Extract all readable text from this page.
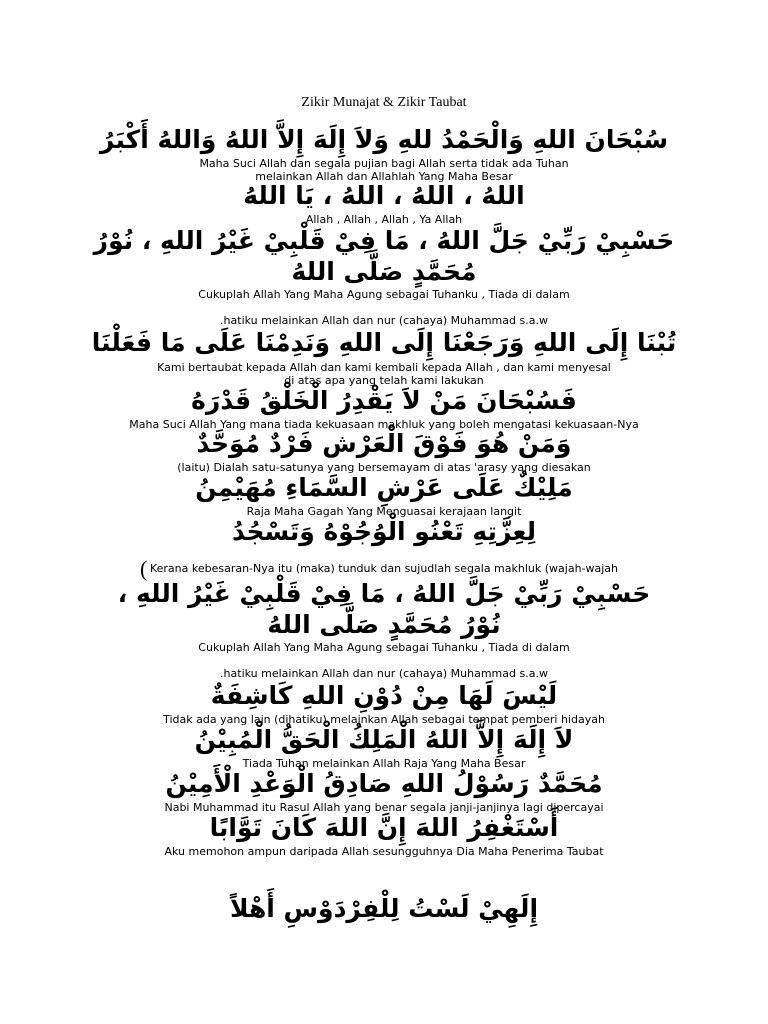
Zikir Munajat & Zikir Taubat
سُبْحَانَ اللهِ وَالْحَمْدُ للهِ وَلاَ إِلَهَ إِلاَّ اللهُ وَاللهُ أَكْبَرُ
Maha Suci Allah dan segala pujian bagi Allah serta tidak ada Tuhan
melainkan Allah dan Allahlah Yang Maha Besar
اللهُ ، اللهُ ، اللهُ ، يَا اللهُ
Allah , Allah , Allah , Ya Allah
حَسْبِيْ رَبِّيْ جَلَّ اللهُ ، مَا فِيْ قَلْبِيْ غَيْرُ اللهِ ، نُوْرُ
مُحَمَّدٍ صَلَّى اللهُ
Cukuplah Allah Yang Maha Agung sebagai Tuhanku , Tiada di dalam
.hatiku melainkan Allah dan nur (cahaya) Muhammad s.a.w
تُبْنَا إِلَى اللهِ وَرَجَعْنَا إِلَى اللهِ وَنَدِمْنَا عَلَى مَا فَعَلْنَا
Kami bertaubat kepada Allah dan kami kembali kepada Allah , dan kami menyesal
di atas apa yang telah kami lakukan
فَسُبْحَانَ مَنْ لاَ يَقْدِرُ الْخَلْقُ قَدْرَهُ
Maha Suci Allah Yang mana tiada kekuasaan makhluk yang boleh mengatasi kekuasaan-Nya
وَمَنْ هُوَ فَوْقَ الْعَرْش فَرْدٌ مُوَحَّدٌ
(laitu) Dialah satu-satunya yang bersemayam di atas 'arasy yang diesakan
مَلِيْكٌ عَلَى عَرْشِ السَّمَاءِ مُهَيْمِنُ
Raja Maha Gagah Yang Menguasai kerajaan langit
لِعِزَّتِهِ تَعْنُو الْوُجُوْهُ وَتَسْجُدُ
( Kerana kebesaran-Nya itu (maka) tunduk dan sujudlah segala makhluk (wajah-wajah
حَسْبِيْ رَبِّيْ جَلَّ اللهُ ، مَا فِيْ قَلْبِيْ غَيْرُ اللهِ ،
نُوْرُ مُحَمَّدٍ صَلَّى اللهُ
Cukuplah Allah Yang Maha Agung sebagai Tuhanku , Tiada di dalam
.hatiku melainkan Allah dan nur (cahaya) Muhammad s.a.w
لَيْسَ لَهَا مِنْ دُوْنِ اللهِ كَاشِفَةٌ
Tidak ada yang lain (dihatiku) melainkan Allah sebagai tempat pemberi hidayah
لاَ إِلَهَ إِلاَّ اللهُ الْمَلِكُ الْحَقُّ الْمُبِيْنُ
Tiada Tuhan melainkan Allah Raja Yang Maha Besar
مُحَمَّدٌ رَسُوْلُ اللهِ صَادِقُ الْوَعْدِ الْأَمِيْنُ
Nabi Muhammad itu Rasul Allah yang benar segala janji-janjinya lagi dipercayai
أَسْتَغْفِرُ اللهَ إِنَّ اللهَ كَانَ تَوَّابًا
Aku memohon ampun daripada Allah sesungguhnya Dia Maha Penerima Taubat
إِلَهِيْ لَسْتُ لِلْفِرْدَوْسِ أَهْلاً
